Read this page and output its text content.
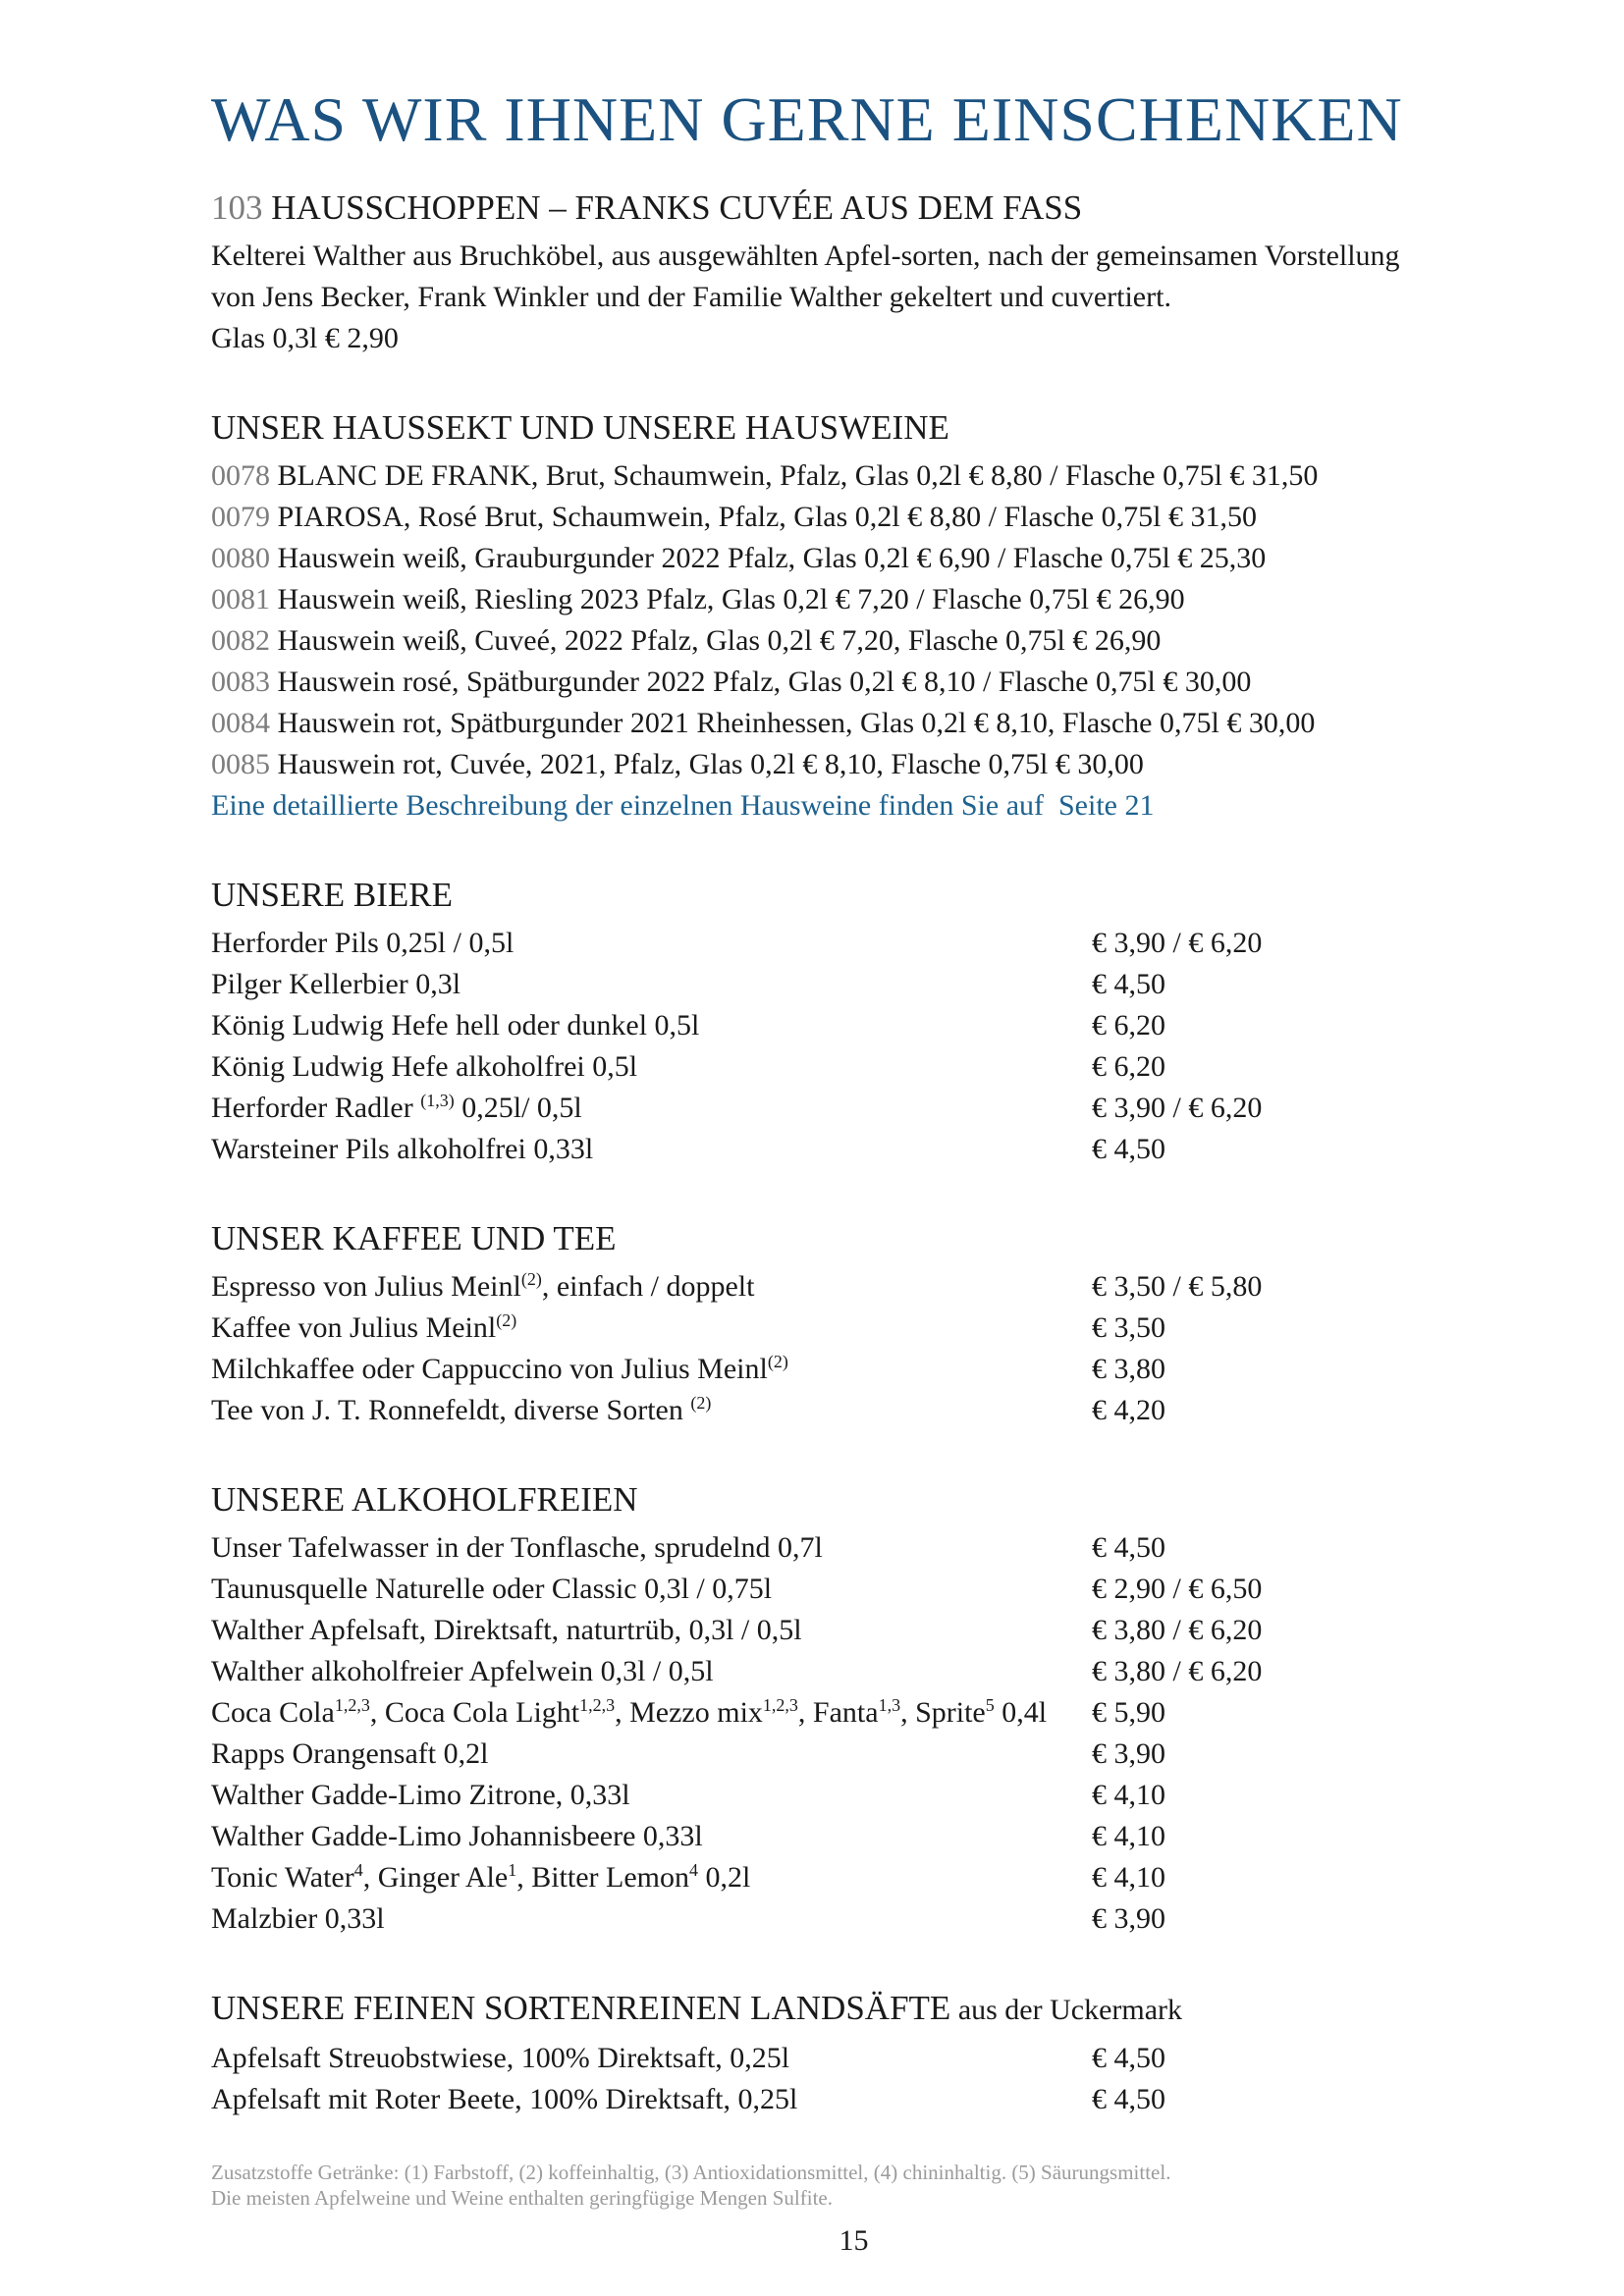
WAS WIR IHNEN GERNE EINSCHENKEN
103 HAUSSCHOPPEN – FRANKS CUVÉE AUS DEM FASS
Kelterei Walther aus Bruchköbel, aus ausgewählten Apfel-sorten, nach der gemeinsamen Vorstellung
von Jens Becker, Frank Winkler und der Familie Walther gekeltert und cuvertiert.
Glas 0,3l € 2,90
UNSER HAUSSEKT UND UNSERE HAUSWEINE
0078 BLANC DE FRANK, Brut, Schaumwein, Pfalz, Glas 0,2l € 8,80 / Flasche 0,75l € 31,50
0079 PIAROSA, Rosé Brut, Schaumwein, Pfalz, Glas 0,2l € 8,80 / Flasche 0,75l € 31,50
0080 Hauswein weiß, Grauburgunder 2022 Pfalz, Glas 0,2l € 6,90 / Flasche 0,75l € 25,30
0081 Hauswein weiß, Riesling 2023 Pfalz, Glas 0,2l € 7,20 / Flasche 0,75l € 26,90
0082 Hauswein weiß, Cuveé, 2022 Pfalz, Glas 0,2l € 7,20, Flasche 0,75l € 26,90
0083 Hauswein rosé, Spätburgunder 2022 Pfalz, Glas 0,2l € 8,10 / Flasche 0,75l € 30,00
0084 Hauswein rot, Spätburgunder 2021 Rheinhessen, Glas 0,2l € 8,10, Flasche 0,75l € 30,00
0085 Hauswein rot, Cuvée, 2021, Pfalz, Glas 0,2l € 8,10, Flasche 0,75l € 30,00
Eine detaillierte Beschreibung der einzelnen Hausweine finden Sie auf  Seite 21
UNSERE BIERE
Herforder Pils 0,25l / 0,5l	€ 3,90 / € 6,20
Pilger Kellerbier 0,3l	€ 4,50
König Ludwig Hefe hell oder dunkel 0,5l	€ 6,20
König Ludwig Hefe alkoholfrei 0,5l	€ 6,20
Herforder Radler $^{(1,3)}$ 0,25l/ 0,5l	€ 3,90 / € 6,20
Warsteiner Pils alkoholfrei 0,33l	€ 4,50
UNSER KAFFEE UND TEE
Espresso von Julius Meinl$^{(2)}$, einfach / doppelt	€ 3,50 / € 5,80
Kaffee von Julius Meinl$^{(2)}$	€ 3,50
Milchkaffee oder Cappuccino von Julius Meinl$^{(2)}$	€ 3,80
Tee von J. T. Ronnefeldt, diverse Sorten $^{(2)}$	€ 4,20
UNSERE ALKOHOLFREIEN
Unser Tafelwasser in der Tonflasche, sprudelnd 0,7l	€ 4,50
Taunusquelle Naturelle oder Classic 0,3l / 0,75l	€ 2,90 / € 6,50
Walther Apfelsaft, Direktsaft, naturtrüb, 0,3l / 0,5l	€ 3,80 / € 6,20
Walther alkoholfreier Apfelwein 0,3l / 0,5l	€ 3,80 / € 6,20
Coca Cola$^{1,2,3}$, Coca Cola Light$^{1,2,3}$, Mezzo mix$^{1,2,3}$, Fanta$^{1,3}$, Sprite$^5$ 0,4l € 5,90
Rapps Orangensaft 0,2l	€ 3,90
Walther Gadde-Limo Zitrone, 0,33l	€ 4,10
Walther Gadde-Limo Johannisbeere 0,33l	€ 4,10
Tonic Water$^4$, Ginger Ale$^1$, Bitter Lemon$^4$ 0,2l	€ 4,10
Malzbier 0,33l	€ 3,90
UNSERE FEINEN SORTENREINEN LANDSÄFTE aus der Uckermark
Apfelsaft Streuobstwiese, 100% Direktsaft, 0,25l	€ 4,50
Apfelsaft mit Roter Beete, 100% Direktsaft, 0,25l	€ 4,50
Zusatzstoffe Getränke: (1) Farbstoff, (2) koffeinhaltig, (3) Antioxidationsmittel, (4) chininhaltig. (5) Säurungsmittel.
Die meisten Apfelweine und Weine enthalten geringfügige Mengen Sulfite.
15
